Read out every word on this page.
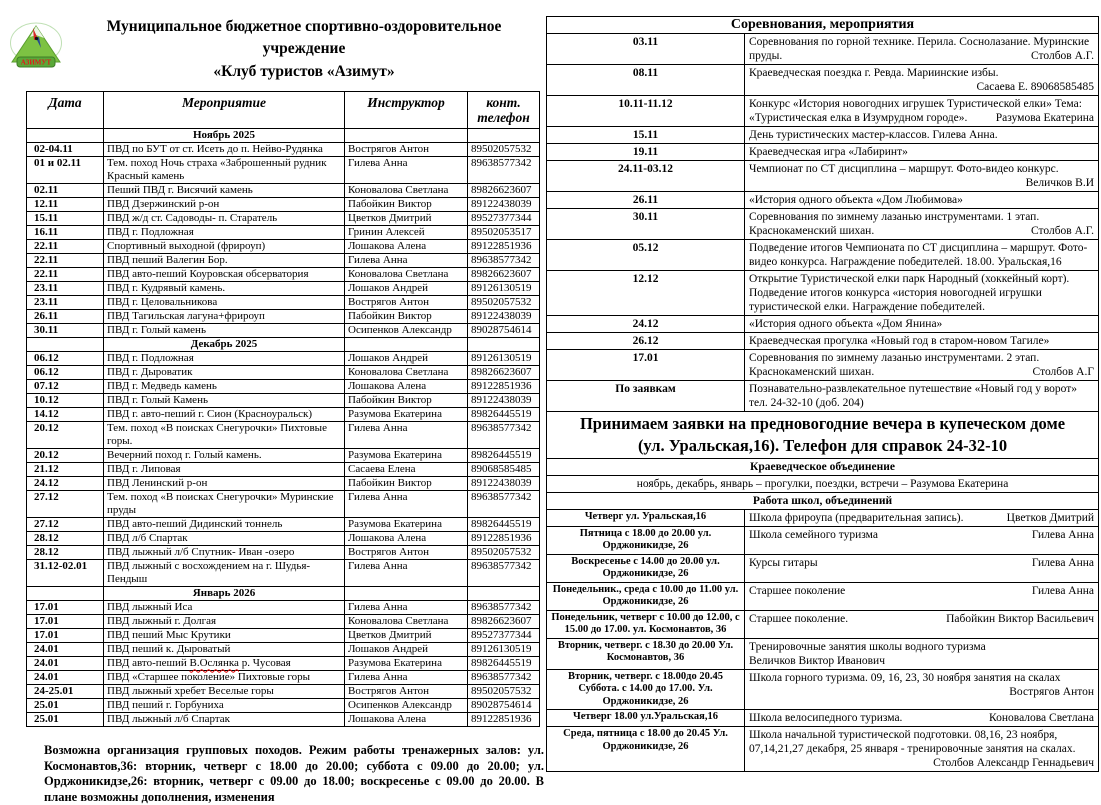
АЗИМУТ
Муниципальное бюджетное спортивно-оздоровительное учреждение
«Клуб туристов «Азимут»
Дата	Мероприятие	Инструктор	конт. телефон
	Ноябрь 2025		
02-04.11	ПВД по БУТ от ст. Исеть до п. Нейво-Рудянка	Вострягов Антон	89502057532
01 и 02.11	Тем. поход Ночь страха «Заброшенный рудник Красный камень	Гилева Анна	89638577342
02.11	Пеший ПВД г. Висячий камень	Коновалова Светлана	89826623607
12.11	ПВД Дзержинский р-он	Пабойкин Виктор	89122438039
15.11	ПВД ж/д ст. Садоводы- п. Старатель	Цветков Дмитрий	89527377344
16.11	ПВД г. Подложная	Гринин Алексей	89502053517
22.11	Спортивный выходной (фрироуп)	Лошакова Алена	89122851936
22.11	ПВД пеший Валегин Бор.	Гилева Анна	89638577342
22.11	ПВД авто-пеший Коуровская обсерватория	Коновалова Светлана	89826623607
23.11	ПВД г. Кудрявый камень.	Лошаков Андрей	89126130519
23.11	ПВД г. Целовальникова	Вострягов Антон	89502057532
26.11	ПВД Тагильская лагуна+фрироуп	Пабойкин Виктор	89122438039
30.11	ПВД г. Голый камень	Осипенков Александр	89028754614
	Декабрь 2025		
06.12	ПВД г. Подложная	Лошаков Андрей	89126130519
06.12	ПВД г. Дыроватик	Коновалова Светлана	89826623607
07.12	ПВД г. Медведь камень	Лошакова Алена	89122851936
10.12	ПВД г. Голый Камень	Пабойкин Виктор	89122438039
14.12	ПВД г. авто-пеший г. Сион (Красноуральск)	Разумова Екатерина	89826445519
20.12	Тем. поход «В поисках Снегурочки» Пихтовые горы.	Гилева Анна	89638577342
20.12	Вечерний поход г. Голый камень.	Разумова Екатерина	89826445519
21.12	ПВД г. Липовая	Сасаева Елена	89068585485
24.12	ПВД Ленинский р-он	Пабойкин Виктор	89122438039
27.12	Тем. поход «В поисках Снегурочки» Муринские пруды	Гилева Анна	89638577342
27.12	ПВД авто-пеший Дидинский тоннель	Разумова Екатерина	89826445519
28.12	ПВД л/б Спартак	Лошакова Алена	89122851936
28.12	ПВД лыжный л/б Спутник- Иван -озеро	Вострягов Антон	89502057532
31.12-02.01	ПВД лыжный с восхождением на г. Шудья-Пендыш	Гилева Анна	89638577342
	Январь 2026		
17.01	ПВД лыжный Иса	Гилева Анна	89638577342
17.01	ПВД лыжный г. Долгая	Коновалова Светлана	89826623607
17.01	ПВД пеший Мыс Крутики	Цветков Дмитрий	89527377344
24.01	ПВД пеший к. Дыроватый	Лошаков Андрей	89126130519
24.01	ПВД авто-пеший В.Ослянка р. Чусовая	Разумова Екатерина	89826445519
24.01	ПВД «Старшее поколение» Пихтовые горы	Гилева Анна	89638577342
24-25.01	ПВД лыжный хребет Веселые горы	Вострягов Антон	89502057532
25.01	ПВД пеший г. Горбуниха	Осипенков Александр	89028754614
25.01	ПВД лыжный л/б Спартак	Лошакова Алена	89122851936

Возможна организация групповых походов. Режим работы тренажерных залов: ул. Космонавтов,36: вторник, четверг с 18.00 до 20.00; суббота с 09.00 до 20.00; ул. Орджоникидзе,26: вторник, четверг с 09.00 до 18.00; воскресенье с 09.00 до 20.00. В плане возможны дополнения, изменения

Соревнования, мероприятия	
03.11	Соревнования по горной технике. Перила. Соснолазание. Муринские пруды. Столбов А.Г.

08.11	Краеведческая поездка г. Ревда. Мариинские избы.
Сасаева Е. 89068585485

10.11-11.12	Конкурс «История новогодних игрушек Туристической елки» Тема: «Туристическая елка в Изумрудном городе». Разумова Екатерина

15.11	День туристических мастер-классов. Гилева Анна.
19.11	Краеведческая игра «Лабиринт»
24.11-03.12	Чемпионат по СТ дисциплина – маршрут. Фото-видео конкурс.
Величков В.И

26.11	«История одного объекта «Дом Любимова»
30.11	Соревнования по зимнему лазанью инструментами. 1 этап. Краснокаменский шихан. Столбов А.Г.

05.12	Подведение итогов Чемпионата по СТ дисциплина – маршрут. Фото-видео конкурса. Награждение победителей. 18.00. Уральская,16
12.12	Открытие Туристической елки парк Народный (хоккейный корт). Подведение итогов конкурса «история новогодней игрушки туристической елки. Награждение победителей.
24.12	«История одного объекта «Дом Янина»
26.12	Краеведческая прогулка «Новый год в старом-новом Тагиле»
17.01	Соревнования по зимнему лазанью инструментами. 2 этап. Краснокаменский шихан. Столбов А.Г

По заявкам	Познавательно-развлекательное путешествие «Новый год у ворот» тел. 24-32-10 (доб. 204)

Принимаем заявки на предновогодние вечера в купеческом доме
(ул. Уральская,16). Телефон для справок 24-32-10	

Краеведческое объединение	
ноябрь, декабрь, январь – прогулки, поездки, встречи – Разумова Екатерина	
Работа школ, объединений	
Четверг ул. Уральская,16	Школа фрироупа (предварительная запись). Цветков Дмитрий

Пятница с 18.00 до 20.00 ул. Орджоникидзе, 26	Школа семейного туризма Гилева Анна

Воскресенье с 14.00 до 20.00 ул. Орджоникидзе, 26	Курсы гитары Гилева Анна

Понедельник., среда с 10.00 до 11.00 ул. Орджоникидзе, 26	Старшее поколение Гилева Анна

Понедельник, четверг с 10.00 до 12.00, с 15.00 до 17.00. ул. Космонавтов, 36	Старшее поколение. Пабойкин Виктор Васильевич

Вторник, четверг. с 18.30 до 20.00 Ул. Космонавтов, 36	Тренировочные занятия школы водного туризма
Величков Виктор Иванович

Вторник, четверг. с 18.00до 20.45 Суббота. с 14.00 до 17.00. Ул. Орджоникидзе, 26	Школа горного туризма. 09, 16, 23, 30 ноября занятия на скалах
Вострягов Антон

Четверг 18.00 ул.Уральская,16	Школа велосипедного туризма. Коновалова Светлана

Среда, пятница с 18.00 до 20.45 Ул. Орджоникидзе, 26	Школа начальной туристической подготовки. 08,16, 23 ноября, 07,14,21,27 декабря, 25 января - тренировочные занятия на скалах.
Столбов Александр Геннадьевич
